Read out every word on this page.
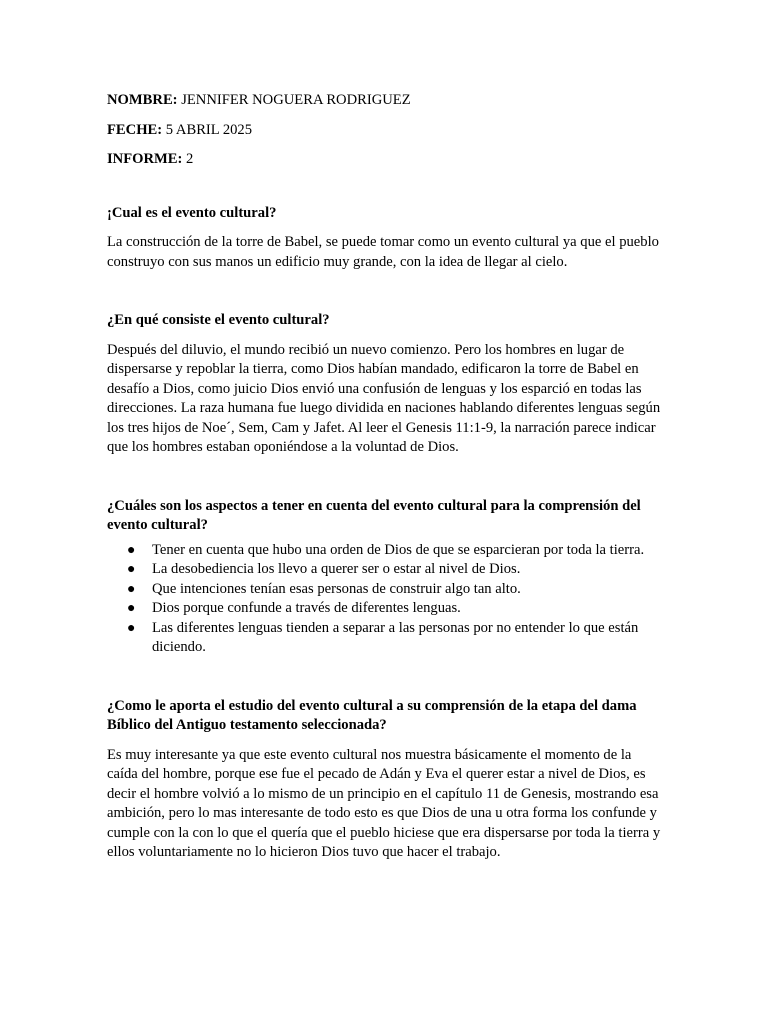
NOMBRE: JENNIFER NOGUERA RODRIGUEZ

FECHE: 5 ABRIL 2025

INFORME: 2

¡Cual es el evento cultural?

La construcción de la torre de Babel, se puede tomar como un evento cultural ya que el pueblo construyo con sus manos un edificio muy grande, con la idea de llegar al cielo.

¿En qué consiste el evento cultural?

Después del diluvio, el mundo recibió un nuevo comienzo. Pero los hombres en lugar de dispersarse y repoblar la tierra, como Dios habían mandado, edificaron la torre de Babel en desafío a Dios, como juicio Dios envió una confusión de lenguas y los esparció en todas las direcciones. La raza humana fue luego dividida en naciones hablando diferentes lenguas según los tres hijos de Noe´, Sem, Cam y Jafet. Al leer el Genesis 11:1-9, la narración parece indicar que los hombres estaban oponiéndose a la voluntad de Dios.

¿Cuáles son los aspectos a tener en cuenta del evento cultural para la comprensión del evento cultural?

● Tener en cuenta que hubo una orden de Dios de que se esparcieran por toda la tierra.
● La desobediencia los llevo a querer ser o estar al nivel de Dios.
● Que intenciones tenían esas personas de construir algo tan alto.
● Dios porque confunde a través de diferentes lenguas.
● Las diferentes lenguas tienden a separar a las personas por no entender lo que están diciendo.

¿Como le aporta el estudio del evento cultural a su comprensión de la etapa del dama Bíblico del Antiguo testamento seleccionada?

Es muy interesante ya que este evento cultural nos muestra básicamente el momento de la caída del hombre, porque ese fue el pecado de Adán y Eva el querer estar a nivel de Dios, es decir el hombre volvió a lo mismo de un principio en el capítulo 11 de Genesis, mostrando esa ambición, pero lo mas interesante de todo esto es que Dios de una u otra forma los confunde y cumple con la con lo que el quería que el pueblo hiciese que era dispersarse por toda la tierra y ellos voluntariamente no lo hicieron Dios tuvo que hacer el trabajo.
